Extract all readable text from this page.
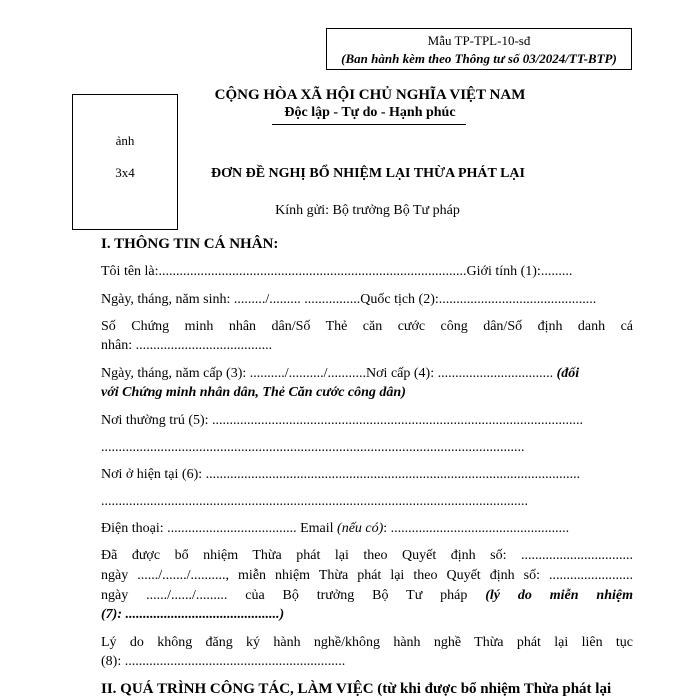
Mẫu TP-TPL-10-sđ
(Ban hành kèm theo Thông tư số 03/2024/TT-BTP)
ảnh
3x4
CỘNG HÒA XÃ HỘI CHỦ NGHĨA VIỆT NAM
Độc lập - Tự do - Hạnh phúc
ĐƠN ĐỀ NGHỊ BỔ NHIỆM LẠI THỪA PHÁT LẠI
Kính gửi: Bộ trưởng Bộ Tư pháp
I. THÔNG TIN CÁ NHÂN:
Tôi tên là:........................................................................................Giới tính (1):.........
Ngày, tháng, năm sinh: ........./......... ................Quốc tịch (2):.............................................
Số Chứng minh nhân dân/Số Thẻ căn cước công dân/Số định danh cá
nhân: .......................................
Ngày, tháng, năm cấp (3): ........../........../...........Nơi cấp (4): ................................. (đối
với Chứng minh nhân dân, Thẻ Căn cước công dân)
Nơi thường trú (5): ..........................................................................................................
.........................................................................................................................
Nơi ở hiện tại (6): ...........................................................................................................
..........................................................................................................................
Điện thoại: ..................................... Email (nếu có): ...................................................
Đã được bổ nhiệm Thừa phát lại theo Quyết định số: ................................
ngày ....../......./.........., miễn nhiệm Thừa phát lại theo Quyết định số: ........................
ngày ....../....../......... của Bộ trưởng Bộ Tư pháp (lý do miễn nhiệm
(7): ............................................)
Lý do không đăng ký hành nghề/không hành nghề Thừa phát lại liên tục
(8): ...............................................................
II. QUÁ TRÌNH CÔNG TÁC, LÀM VIỆC (từ khi được bổ nhiệm Thừa phát lại
